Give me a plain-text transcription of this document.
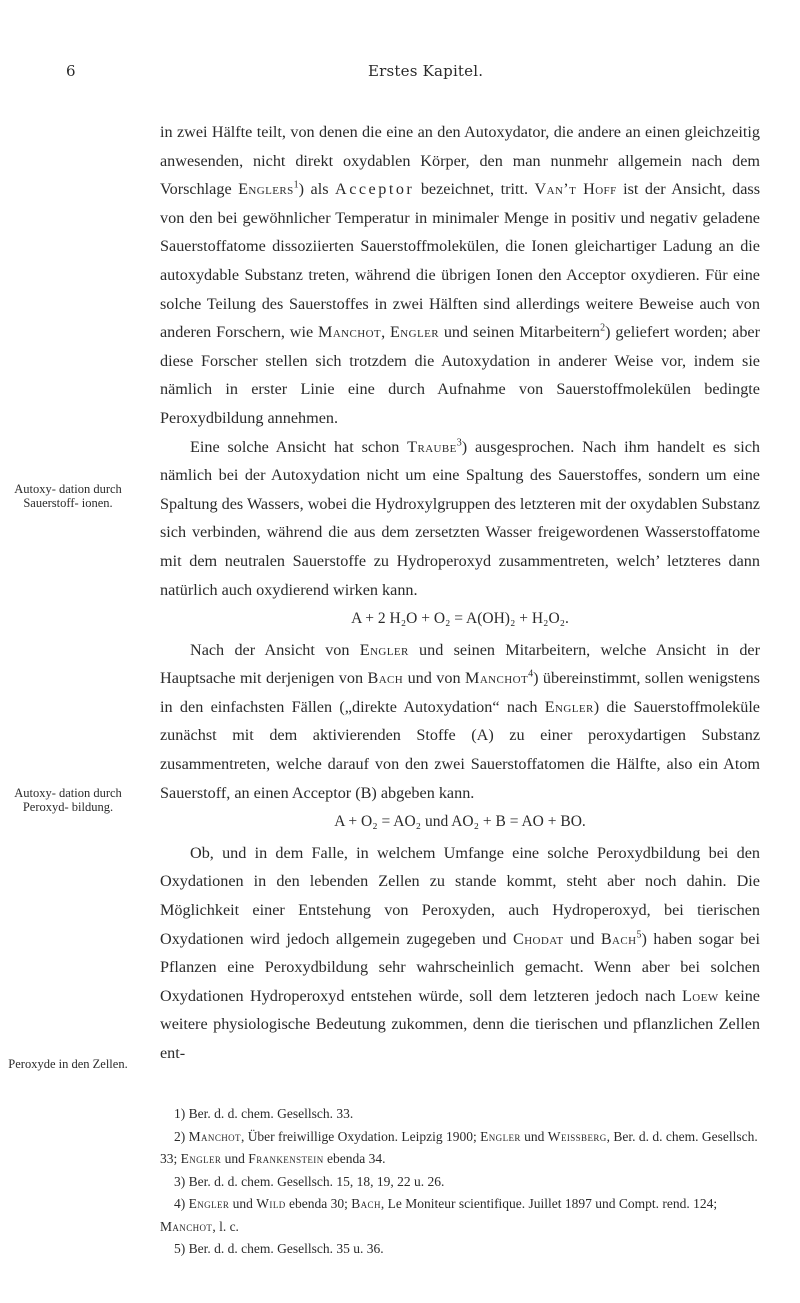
6	Erstes Kapitel.
Autoxy- dation durch Sauerstoff- ionen.
Autoxy- dation durch Peroxyd- bildung.
Peroxyde in den Zellen.

in zwei Hälfte teilt, von denen die eine an den Autoxydator, die andere an einen gleichzeitig anwesenden, nicht direkt oxydablen Körper, den man nunmehr allgemein nach dem Vorschlage Englers$^1$) als Acceptor bezeichnet, tritt. Van’t Hoff ist der Ansicht, dass von den bei gewöhnlicher Temperatur in minimaler Menge in positiv und negativ geladene Sauerstoffatome dissoziierten Sauerstoffmolekülen, die Ionen gleichartiger Ladung an die autoxydable Substanz treten, während die übrigen Ionen den Acceptor oxydieren. Für eine solche Teilung des Sauerstoffes in zwei Hälften sind allerdings weitere Beweise auch von anderen Forschern, wie Manchot, Engler und seinen Mitarbeitern$^2$) geliefert worden; aber diese Forscher stellen sich trotzdem die Autoxydation in anderer Weise vor, indem sie nämlich in erster Linie eine durch Aufnahme von Sauerstoffmolekülen bedingte Peroxydbildung annehmen.

Eine solche Ansicht hat schon Traube$^3$) ausgesprochen. Nach ihm handelt es sich nämlich bei der Autoxydation nicht um eine Spaltung des Sauerstoffes, sondern um eine Spaltung des Wassers, wobei die Hydroxylgruppen des letzteren mit der oxydablen Substanz sich verbinden, während die aus dem zersetzten Wasser freigewordenen Wasserstoffatome mit dem neutralen Sauerstoffe zu Hydroperoxyd zusammentreten, welch’ letzteres dann natürlich auch oxydierend wirken kann.

A + 2 H₂O + O₂ = A(OH)₂ + H₂O₂.

Nach der Ansicht von Engler und seinen Mitarbeitern, welche Ansicht in der Hauptsache mit derjenigen von Bach und von Manchot$^4$) übereinstimmt, sollen wenigstens in den einfachsten Fällen („direkte Autoxydation“ nach Engler) die Sauerstoffmoleküle zunächst mit dem aktivierenden Stoffe (A) zu einer peroxydartigen Substanz zusammentreten, welche darauf von den zwei Sauerstoffatomen die Hälfte, also ein Atom Sauerstoff, an einen Acceptor (B) abgeben kann.

A + O₂ = AO₂ und AO₂ + B = AO + BO.

Ob, und in dem Falle, in welchem Umfange eine solche Peroxydbildung bei den Oxydationen in den lebenden Zellen zu stande kommt, steht aber noch dahin. Die Möglichkeit einer Entstehung von Peroxyden, auch Hydroperoxyd, bei tierischen Oxydationen wird jedoch allgemein zugegeben und Chodat und Bach$^5$) haben sogar bei Pflanzen eine Peroxydbildung sehr wahrscheinlich gemacht. Wenn aber bei solchen Oxydationen Hydroperoxyd entstehen würde, soll dem letzteren jedoch nach Loew keine weitere physiologische Bedeutung zukommen, denn die tierischen und pflanzlichen Zellen ent-

1) Ber. d. d. chem. Gesellsch. 33.

2) Manchot, Über freiwillige Oxydation. Leipzig 1900; Engler und Weissberg, Ber. d. d. chem. Gesellsch. 33; Engler und Frankenstein ebenda 34.

3) Ber. d. d. chem. Gesellsch. 15, 18, 19, 22 u. 26.

4) Engler und Wild ebenda 30; Bach, Le Moniteur scientifique. Juillet 1897 und Compt. rend. 124; Manchot, l. c.

5) Ber. d. d. chem. Gesellsch. 35 u. 36.
